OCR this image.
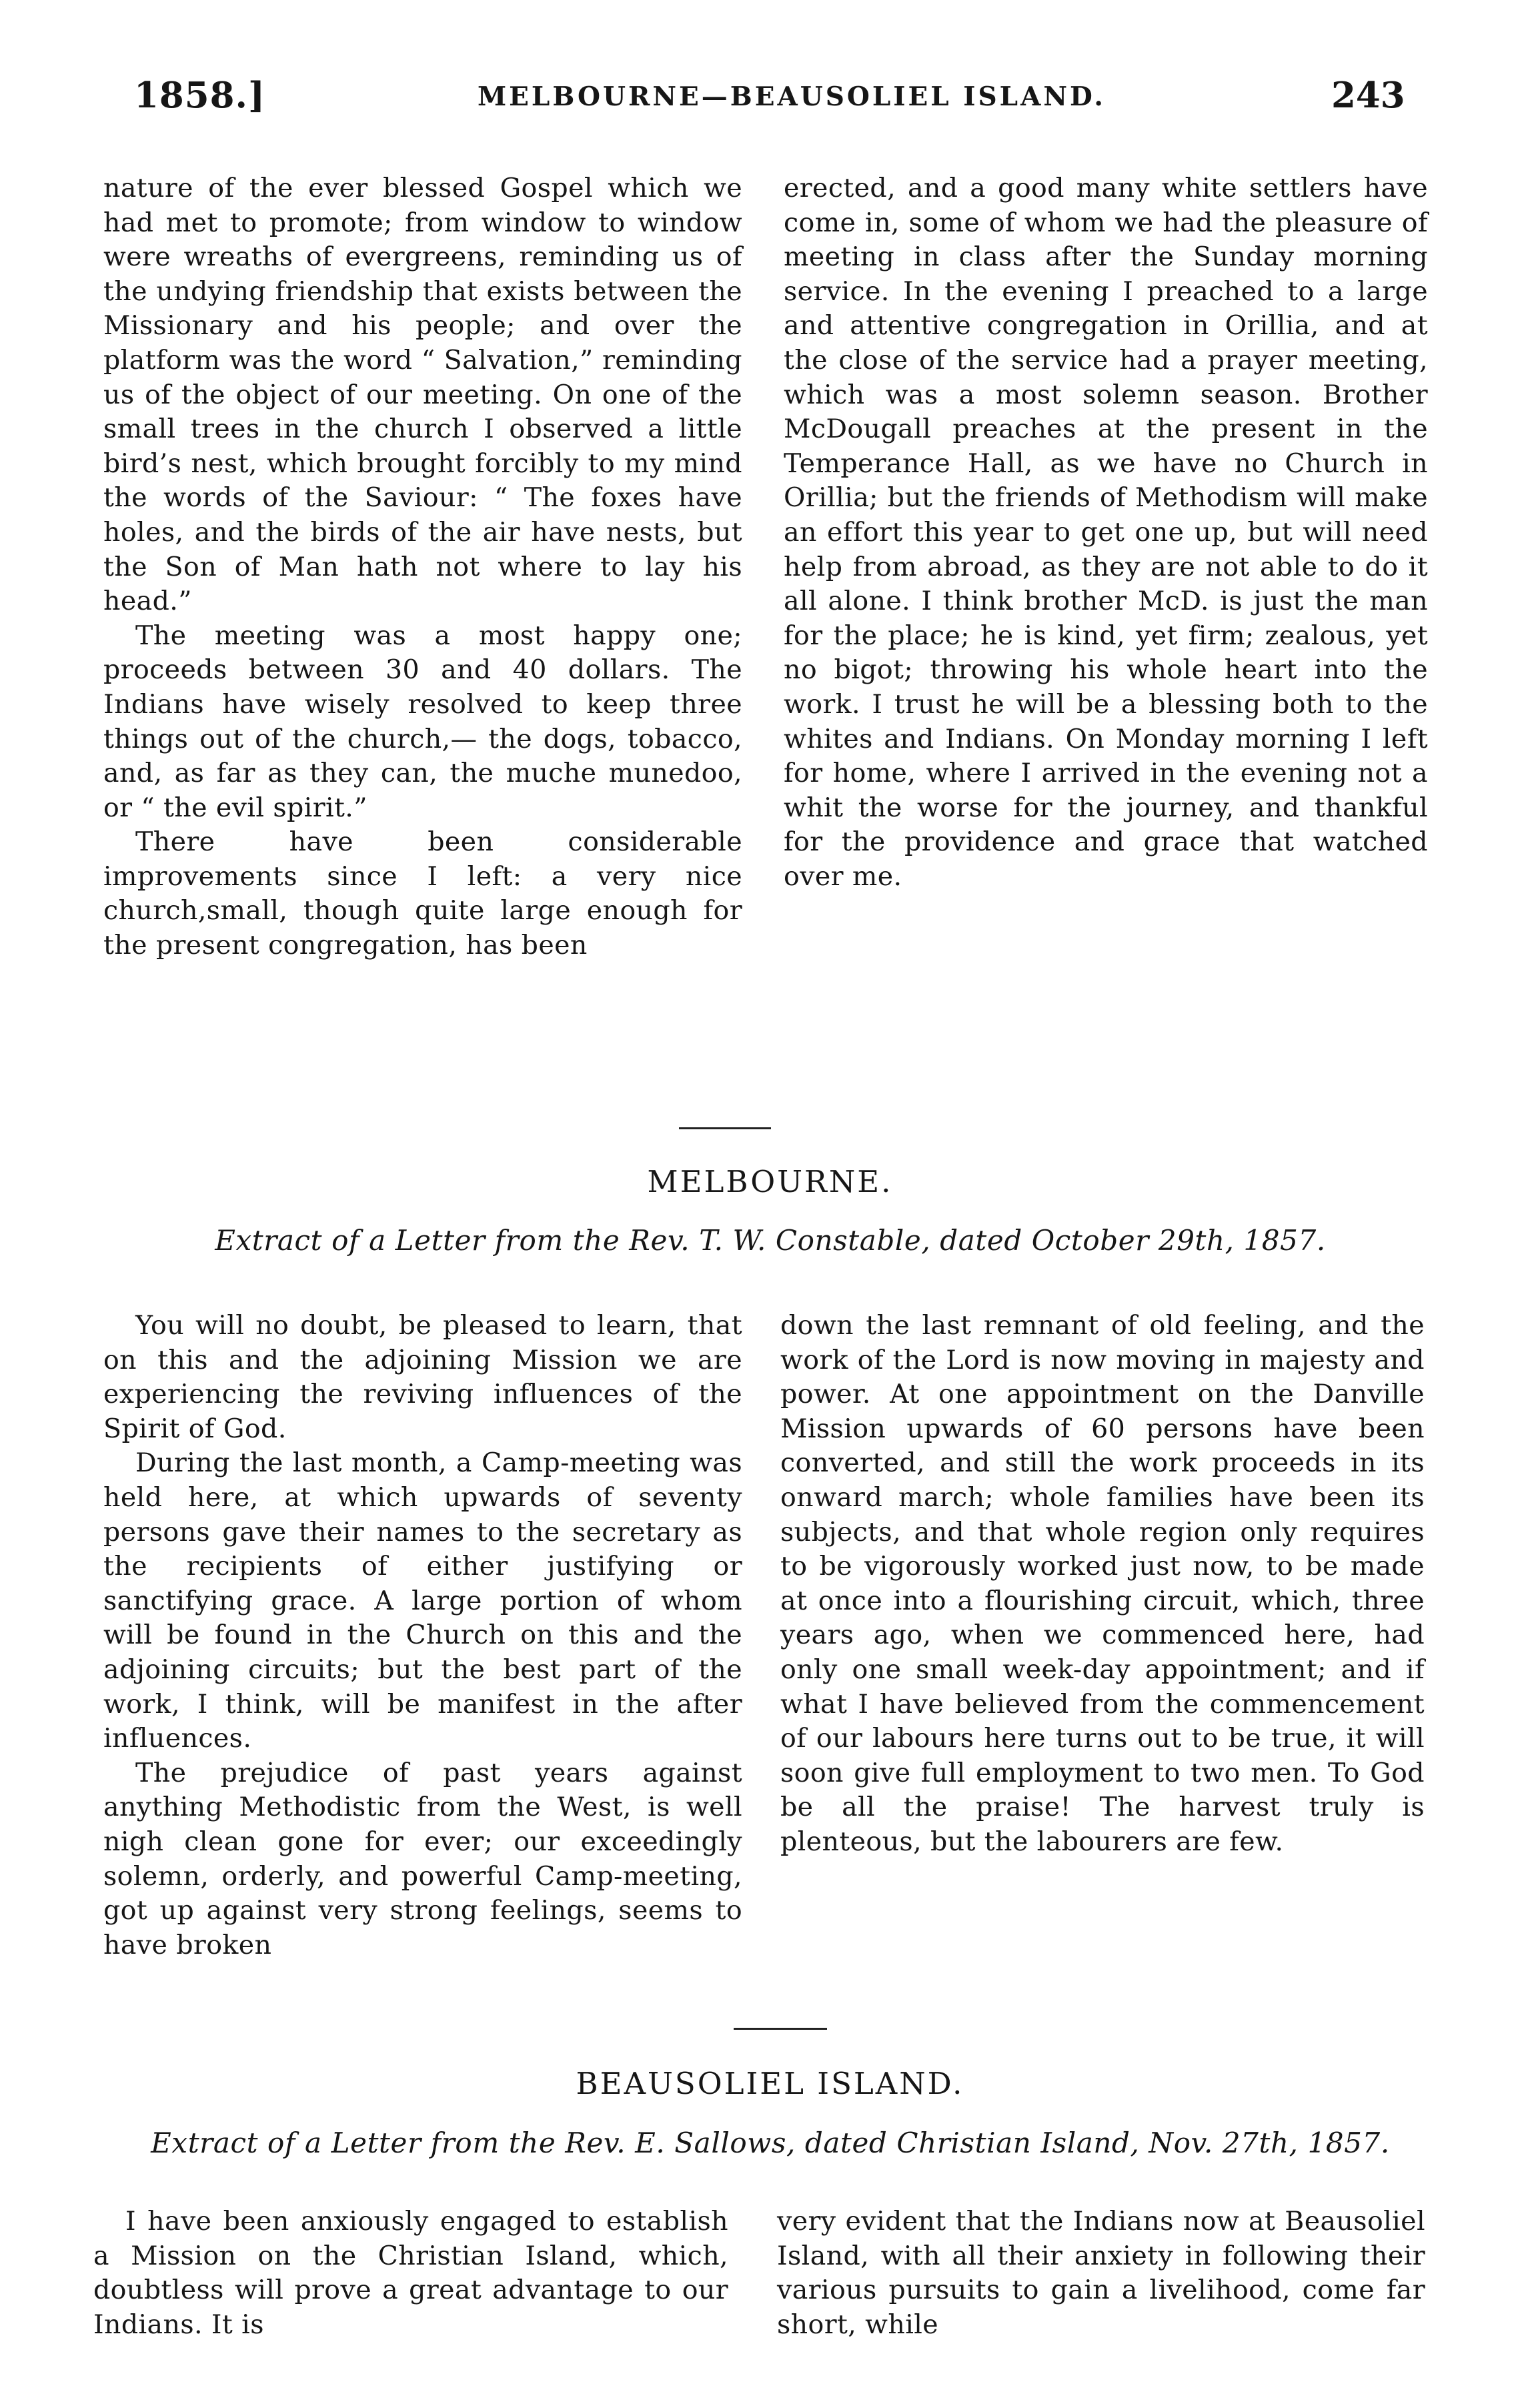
1858.]	MELBOURNE—BEAUSOLIEL ISLAND.	243

nature of the ever blessed Gospel which we had met to promote; from window to window were wreaths of evergreens, reminding us of the undying friendship that exists between the Missionary and his people; and over the platform was the word “ Salvation,” reminding us of the object of our meeting. On one of the small trees in the church I observed a little bird’s nest, which brought forcibly to my mind the words of the Saviour: “ The foxes have holes, and the birds of the air have nests, but the Son of Man hath not where to lay his head.”

The meeting was a most happy one; proceeds between 30 and 40 dollars. The Indians have wisely resolved to keep three things out of the church,— the dogs, tobacco, and, as far as they can, the muche munedoo, or “ the evil spirit.”

There have been considerable improvements since I left: a very nice church,small, though quite large enough for the present congregation, has been

erected, and a good many white settlers have come in, some of whom we had the pleasure of meeting in class after the Sunday morning service. In the evening I preached to a large and attentive congregation in Orillia, and at the close of the service had a prayer meeting, which was a most solemn season. Brother McDougall preaches at the present in the Temperance Hall, as we have no Church in Orillia; but the friends of Methodism will make an effort this year to get one up, but will need help from abroad, as they are not able to do it all alone. I think brother McD. is just the man for the place; he is kind, yet firm; zealous, yet no bigot; throwing his whole heart into the work. I trust he will be a blessing both to the whites and Indians. On Monday morning I left for home, where I arrived in the evening not a whit the worse for the journey, and thankful for the providence and grace that watched over me.

MELBOURNE.
Extract of a Letter from the Rev. T. W. Constable, dated October 29th, 1857.

You will no doubt, be pleased to learn, that on this and the adjoining Mission we are experiencing the reviving influences of the Spirit of God.

During the last month, a Camp-meeting was held here, at which upwards of seventy persons gave their names to the secretary as the recipients of either justifying or sanctifying grace. A large portion of whom will be found in the Church on this and the adjoining circuits; but the best part of the work, I think, will be manifest in the after influences.

The prejudice of past years against anything Methodistic from the West, is well nigh clean gone for ever; our exceedingly solemn, orderly, and powerful Camp-meeting, got up against very strong feelings, seems to have broken

down the last remnant of old feeling, and the work of the Lord is now moving in majesty and power. At one appointment on the Danville Mission upwards of 60 persons have been converted, and still the work proceeds in its onward march; whole families have been its subjects, and that whole region only requires to be vigorously worked just now, to be made at once into a flourishing circuit, which, three years ago, when we commenced here, had only one small week-day appointment; and if what I have believed from the commencement of our labours here turns out to be true, it will soon give full employment to two men. To God be all the praise! The harvest truly is plenteous, but the labourers are few.

BEAUSOLIEL ISLAND.
Extract of a Letter from the Rev. E. Sallows, dated Christian Island, Nov. 27th, 1857.

I have been anxiously engaged to establish a Mission on the Christian Island, which, doubtless will prove a great advantage to our Indians. It is

very evident that the Indians now at Beausoliel Island, with all their anxiety in following their various pursuits to gain a livelihood, come far short, while
